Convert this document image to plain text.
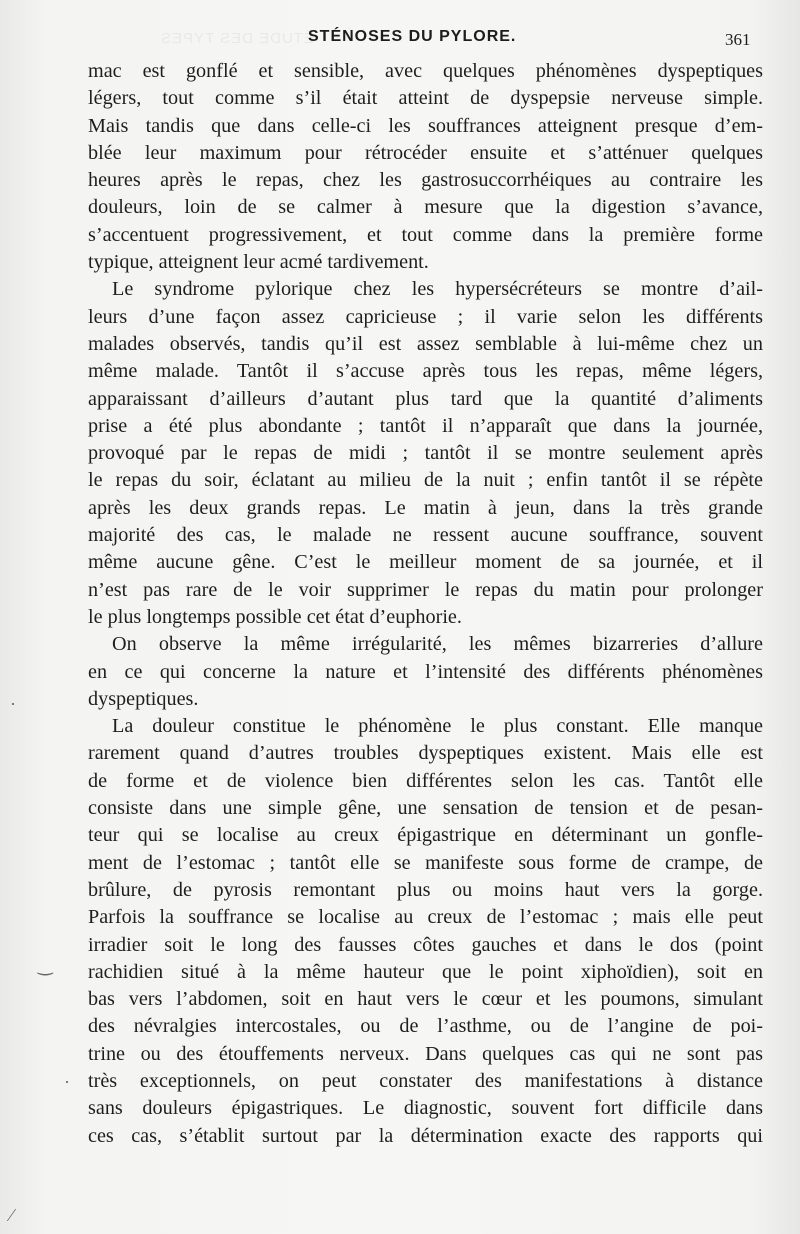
ÉTUDE DES TYPES
STÉNOSES DU PYLORE.	361
mac est gonflé et sensible, avec quelques phénomènes dyspeptiques
légers, tout comme s’il était atteint de dyspepsie nerveuse simple.
Mais tandis que dans celle-ci les souffrances atteignent presque d’em-
blée leur maximum pour rétrocéder ensuite et s’atténuer quelques
heures après le repas, chez les gastrosuccorrhéiques au contraire les
douleurs, loin de se calmer à mesure que la digestion s’avance,
s’accentuent progressivement, et tout comme dans la première forme
typique, atteignent leur acmé tardivement.
Le syndrome pylorique chez les hypersécréteurs se montre d’ail-
leurs d’une façon assez capricieuse ; il varie selon les différents
malades observés, tandis qu’il est assez semblable à lui-même chez un
même malade. Tantôt il s’accuse après tous les repas, même légers,
apparaissant d’ailleurs d’autant plus tard que la quantité d’aliments
prise a été plus abondante ; tantôt il n’apparaît que dans la journée,
provoqué par le repas de midi ; tantôt il se montre seulement après
le repas du soir, éclatant au milieu de la nuit ; enfin tantôt il se répète
après les deux grands repas. Le matin à jeun, dans la très grande
majorité des cas, le malade ne ressent aucune souffrance, souvent
même aucune gêne. C’est le meilleur moment de sa journée, et il
n’est pas rare de le voir supprimer le repas du matin pour prolonger
le plus longtemps possible cet état d’euphorie.
On observe la même irrégularité, les mêmes bizarreries d’allure
en ce qui concerne la nature et l’intensité des différents phénomènes
dyspeptiques.
La douleur constitue le phénomène le plus constant. Elle manque
rarement quand d’autres troubles dyspeptiques existent. Mais elle est
de forme et de violence bien différentes selon les cas. Tantôt elle
consiste dans une simple gêne, une sensation de tension et de pesan-
teur qui se localise au creux épigastrique en déterminant un gonfle-
ment de l’estomac ; tantôt elle se manifeste sous forme de crampe, de
brûlure, de pyrosis remontant plus ou moins haut vers la gorge.
Parfois la souffrance se localise au creux de l’estomac ; mais elle peut
irradier soit le long des fausses côtes gauches et dans le dos (point
rachidien situé à la même hauteur que le point xiphoïdien), soit en
bas vers l’abdomen, soit en haut vers le cœur et les poumons, simulant
des névralgies intercostales, ou de l’asthme, ou de l’angine de poi-
trine ou des étouffements nerveux. Dans quelques cas qui ne sont pas
très exceptionnels, on peut constater des manifestations à distance
sans douleurs épigastriques. Le diagnostic, souvent fort difficile dans
ces cas, s’établit surtout par la détermination exacte des rapports qui
·
‿
·
⁄
